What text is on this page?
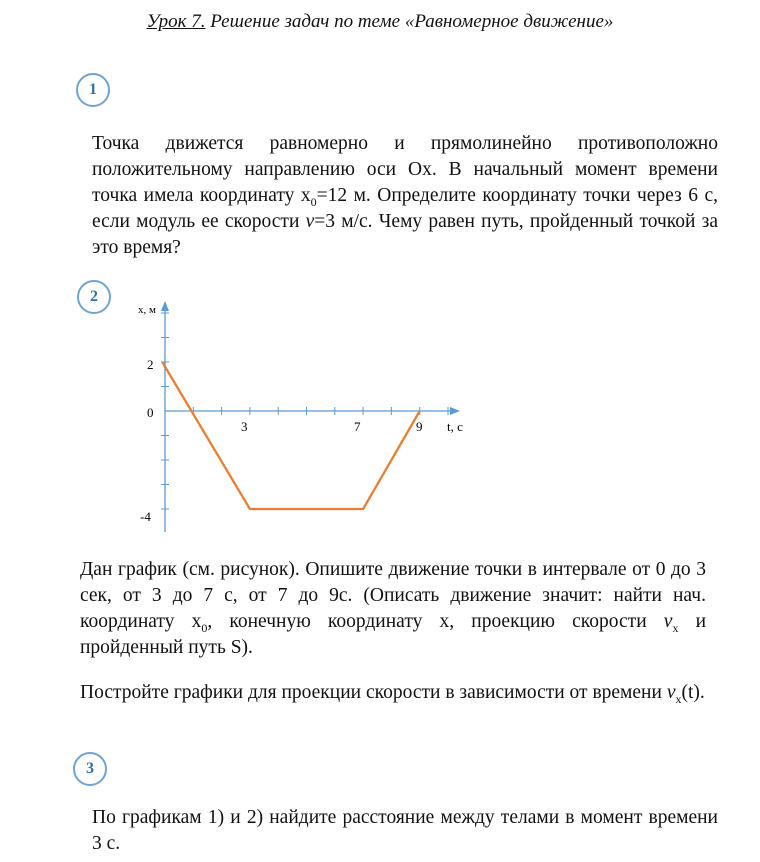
Урок 7. Решение задач по теме «Равномерное движение»
1
Точка движется равномерно и прямолинейно противоположно положительному направлению оси Ox. В начальный момент времени точка имела координату $x_0=12$ м. Определите координату точки через 6 с, если модуль ее скорости v=3 м/с. Чему равен путь, пройденный точкой за это время?
2
x, м
t, с
2
0
-4
3	7	9
Дан график (см. рисунок). Опишите движение точки в интервале от 0 до 3 сек, от 3 до 7 с, от 7 до 9с. (Описать движение значит: найти нач. координату $x_0$, конечную координату x, проекцию скорости $v_x$ и пройденный путь S).
Постройте графики для проекции скорости в зависимости от времени $v_x(t)$.
3
По графикам 1) и 2) найдите расстояние между телами в момент времени 3 с.
